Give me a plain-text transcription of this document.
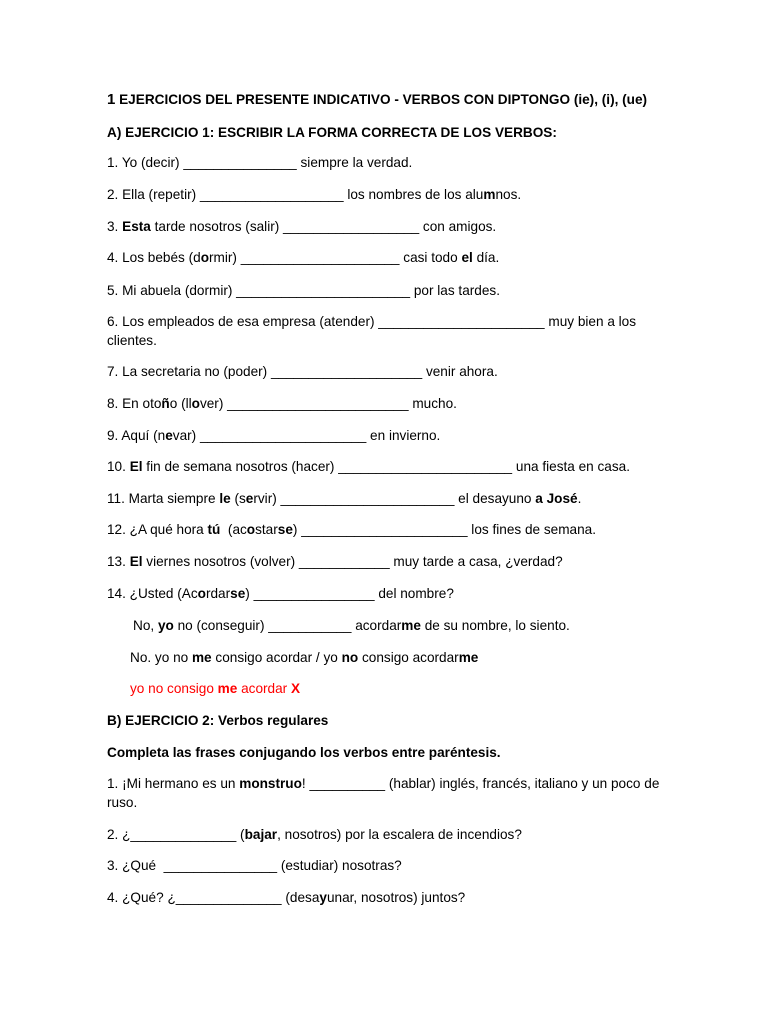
1 EJERCICIOS DEL PRESENTE INDICATIVO - VERBOS CON DIPTONGO (ie), (i), (ue)
A) EJERCICIO 1: ESCRIBIR LA FORMA CORRECTA DE LOS VERBOS:
1. Yo (decir) _______________ siempre la verdad.
2. Ella (repetir) ___________________ los nombres de los alumnos.
3. Esta tarde nosotros (salir) __________________ con amigos.
4. Los bebés (dormir) _____________________ casi todo el día.
5. Mi abuela (dormir) _______________________ por las tardes.
6. Los empleados de esa empresa (atender) ______________________ muy bien a los clientes.
7. La secretaria no (poder) ____________________ venir ahora.
8. En otoño (llover) ________________________ mucho.
9. Aquí (nevar) ______________________ en invierno.
10. El fin de semana nosotros (hacer) _______________________ una fiesta en casa.
11. Marta siempre le (servir) _______________________ el desayuno a José.
12. ¿A qué hora tú  (acostarse) ______________________ los fines de semana.
13. El viernes nosotros (volver) ____________ muy tarde a casa, ¿verdad?
14. ¿Usted (Acordarse) ________________ del nombre?
No, yo no (conseguir) ___________ acordarme de su nombre, lo siento.
No. yo no me consigo acordar / yo no consigo acordarme
yo no consigo me acordar X
B) EJERCICIO 2: Verbos regulares
Completa las frases conjugando los verbos entre paréntesis.
1. ¡Mi hermano es un monstruo! __________ (hablar) inglés, francés, italiano y un poco de ruso.
2. ¿______________ (bajar, nosotros) por la escalera de incendios?
3. ¿Qué  _______________ (estudiar) nosotras?
4. ¿Qué? ¿______________ (desayunar, nosotros) juntos?
